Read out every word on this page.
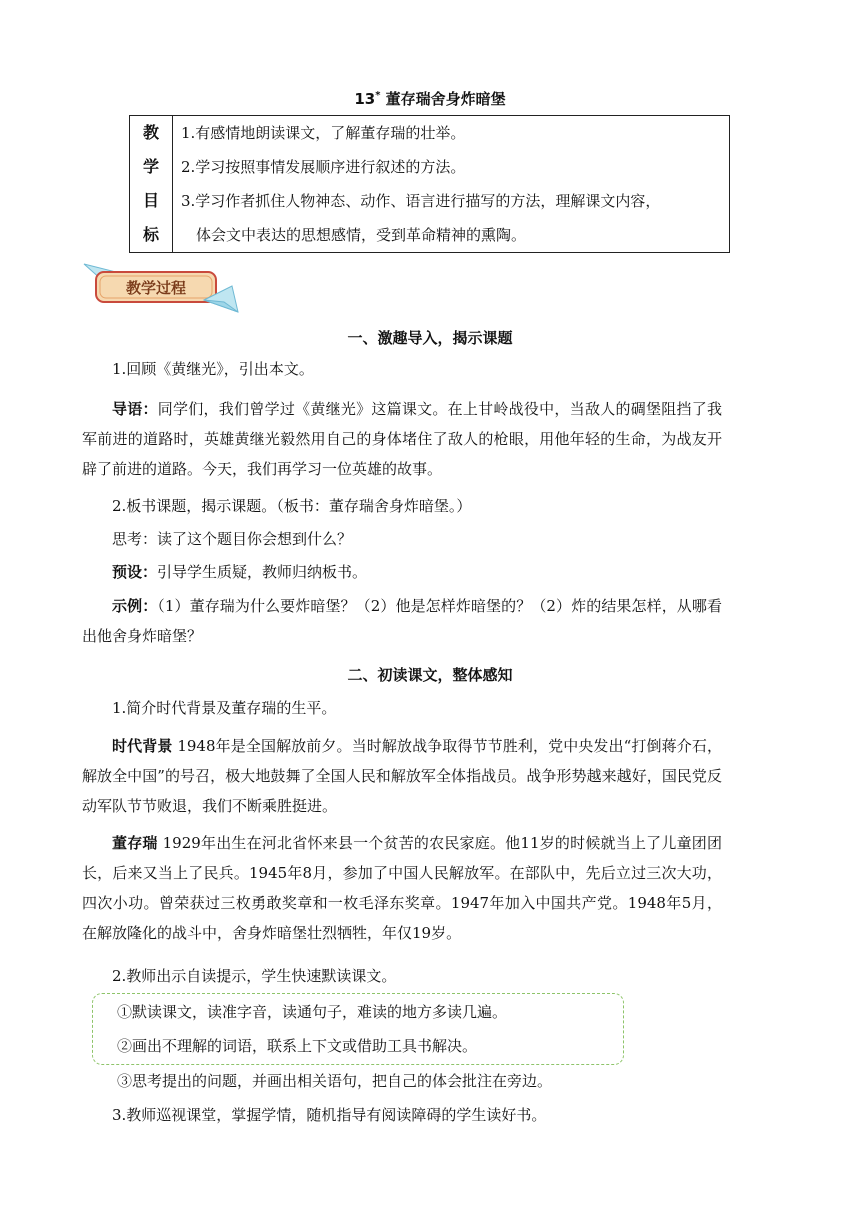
13* 董存瑞舍身炸暗堡
教
学
目
标

1.有感情地朗读课文，了解董存瑞的壮举。
2.学习按照事情发展顺序进行叙述的方法。
3.学习作者抓住人物神态、动作、语言进行描写的方法，理解课文内容，
体会文中表达的思想感情，受到革命精神的熏陶。
教学过程
一、激趣导入，揭示课题

1.回顾《黄继光》，引出本文。

导语：同学们，我们曾学过《黄继光》这篇课文。在上甘岭战役中，当敌人的碉堡阻挡了我军前进的道路时，英雄黄继光毅然用自己的身体堵住了敌人的枪眼，用他年轻的生命，为战友开辟了前进的道路。今天，我们再学习一位英雄的故事。

2.板书课题，揭示课题。（板书：董存瑞舍身炸暗堡。）

思考：读了这个题目你会想到什么？

预设：引导学生质疑，教师归纳板书。

示例：（1）董存瑞为什么要炸暗堡？（2）他是怎样炸暗堡的？（2）炸的结果怎样，从哪看出他舍身炸暗堡？

二、初读课文，整体感知

1.简介时代背景及董存瑞的生平。

时代背景 1948年是全国解放前夕。当时解放战争取得节节胜利，党中央发出“打倒蒋介石，解放全中国”的号召，极大地鼓舞了全国人民和解放军全体指战员。战争形势越来越好，国民党反动军队节节败退，我们不断乘胜挺进。

董存瑞 1929年出生在河北省怀来县一个贫苦的农民家庭。他11岁的时候就当上了儿童团团长，后来又当上了民兵。1945年8月，参加了中国人民解放军。在部队中，先后立过三次大功，四次小功。曾荣获过三枚勇敢奖章和一枚毛泽东奖章。1947年加入中国共产党。1948年5月，在解放隆化的战斗中，舍身炸暗堡壮烈牺牲，年仅19岁。

2.教师出示自读提示，学生快速默读课文。

①默读课文，读准字音，读通句子，难读的地方多读几遍。
②画出不理解的词语，联系上下文或借助工具书解决。
③思考提出的问题，并画出相关语句，把自己的体会批注在旁边。

3.教师巡视课堂，掌握学情，随机指导有阅读障碍的学生读好书。
